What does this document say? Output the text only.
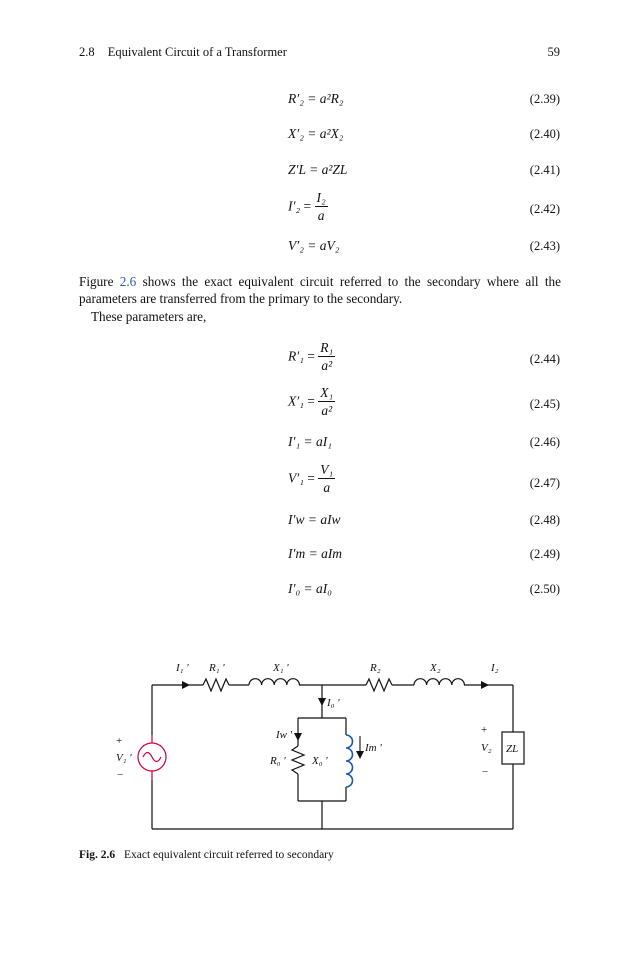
2.8 Equivalent Circuit of a Transformer	59
R′₂ = a²R₂	(2.39)
X′₂ = a²X₂	(2.40)
Z′L = a²ZL	(2.41)
$I'_2 = \frac{\text{I₂}}{a}$	(2.42)
V′₂ = aV₂	(2.43)
Figure 2.6 shows the exact equivalent circuit referred to the secondary where all the parameters are transferred from the primary to the secondary.
These parameters are,
$R'_1 = \frac{\text{R₁}}{\text{a²}}$	(2.44)
$X'_1 = \frac{\text{X₁}}{\text{a²}}$	(2.45)
I′₁ = aI₁	(2.46)
$V'_1 = \frac{\text{V₁}}{a}$	(2.47)
I′w = aIw	(2.48)
I′m = aIm	(2.49)
I′₀ = aI₀	(2.50)
I₁ ' R₁ '	X₁ '	R₂	X₂	I₂
I₀ '
Iw '
R₀ ' X₀ '
Im '
V₁ '
V₂ ZL
+
−
+
−
Fig. 2.6 Exact equivalent circuit referred to secondary
